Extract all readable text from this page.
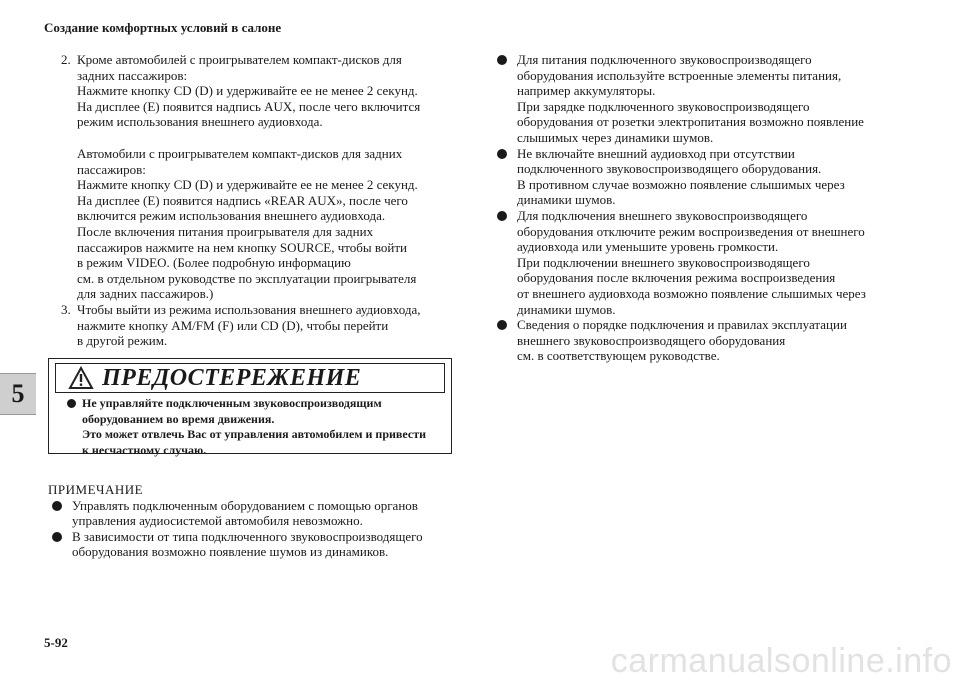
Создание комфортных условий в салоне
5
2. Кроме автомобилей с проигрывателем компакт-дисков для
задних пассажиров:
Нажмите кнопку CD (D) и удерживайте ее не менее 2 секунд.
На дисплее (E) появится надпись AUX, после чего включится
режим использования внешнего аудиовхода.
Автомобили с проигрывателем компакт-дисков для задних
пассажиров:
Нажмите кнопку CD (D) и удерживайте ее не менее 2 секунд.
На дисплее (E) появится надпись «REAR AUX», после чего
включится режим использования внешнего аудиовхода.
После включения питания проигрывателя для задних
пассажиров нажмите на нем кнопку SOURCE, чтобы войти
в режим VIDEO. (Более подробную информацию
см. в отдельном руководстве по эксплуатации проигрывателя
для задних пассажиров.)
3. Чтобы выйти из режима использования внешнего аудиовхода,
нажмите кнопку AM/FM (F) или CD (D), чтобы перейти
в другой режим.
ПРЕДОСТЕРЕЖЕНИЕ
Не управляйте подключенным звуковоспроизводящим
оборудованием во время движения.
Это может отвлечь Вас от управления автомобилем и привести
к несчастному случаю.
ПРИМЕЧАНИЕ
Управлять подключенным оборудованием с помощью органов
управления аудиосистемой автомобиля невозможно.
В зависимости от типа подключенного звуковоспроизводящего
оборудования возможно появление шумов из динамиков.
Для питания подключенного звуковоспроизводящего
оборудования используйте встроенные элементы питания,
например аккумуляторы.
При зарядке подключенного звуковоспроизводящего
оборудования от розетки электропитания возможно появление
слышимых через динамики шумов.
Не включайте внешний аудиовход при отсутствии
подключенного звуковоспроизводящего оборудования.
В противном случае возможно появление слышимых через
динамики шумов.
Для подключения внешнего звуковоспроизводящего
оборудования отключите режим воспроизведения от внешнего
аудиовхода или уменьшите уровень громкости.
При подключении внешнего звуковоспроизводящего
оборудования после включения режима воспроизведения
от внешнего аудиовхода возможно появление слышимых через
динамики шумов.
Сведения о порядке подключения и правилах эксплуатации
внешнего звуковоспроизводящего оборудования
см. в соответствующем руководстве.
5-92	carmanualsonline.info
